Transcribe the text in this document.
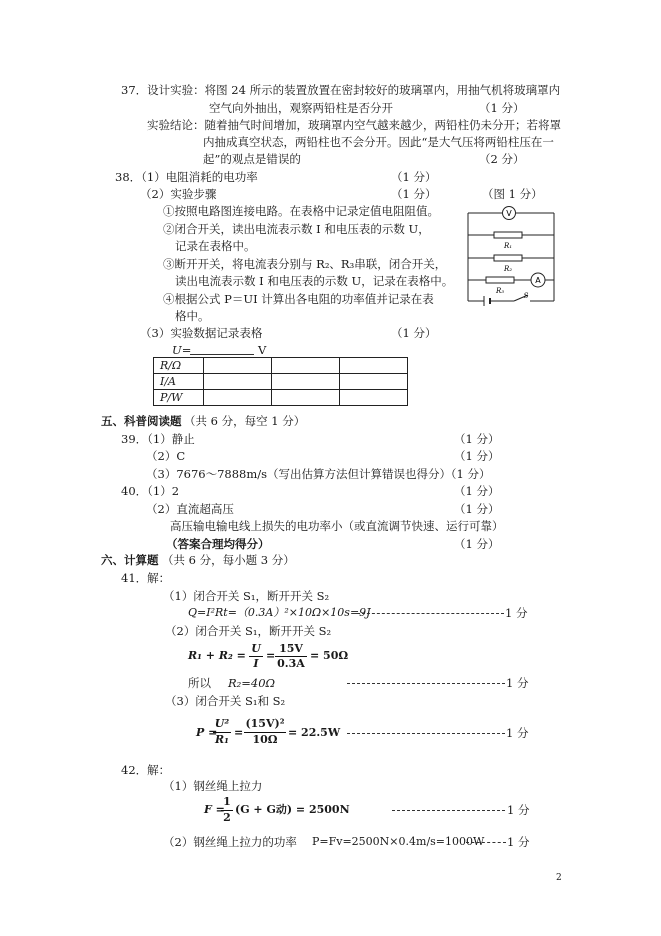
37．设计实验：将图 24 所示的装置放置在密封较好的玻璃罩内，用抽气机将玻璃罩内
空气向外抽出，观察两铅柱是否分开	（1 分）
实验结论：随着抽气时间增加，玻璃罩内空气越来越少，两铅柱仍未分开；若将罩
内抽成真空状态，两铅柱也不会分开。因此“是大气压将两铅柱压在一
起”的观点是错误的	（2 分）
38．（1）电阻消耗的电功率	（1 分）
（2）实验步骤	（1 分）	（图 1 分）
①按照电路图连接电路。在表格中记录定值电阻阻值。
②闭合开关，读出电流表示数 I 和电压表的示数 U，
记录在表格中。
③断开开关，将电流表分别与 R₂、R₃串联，闭合开关，
读出电流表示数 I 和电压表的示数 U，记录在表格中。
④根据公式 P＝UI 计算出各电阻的功率值并记录在表
格中。
（3）实验数据记录表格	（1 分）
V
A
R₁
R₂
R₃
S
U=	V
R/Ω			
I/A			
P/W			
五、科普阅读题 （共 6 分，每空 1 分）
39．（1）静止	（1 分）
（2）C	（1 分）
（3）7676～7888m/s（写出估算方法但计算错误也得分）
（1 分）
40．（1）2	（1 分）
（2）直流超高压	（1 分）
高压输电输电线上损失的电功率小（或直流调节快速、运行可靠）
（答案合理均得分）	（1 分）
六、计算题 （共 6 分，每小题 3 分）
41．解：
（1）闭合开关 S₁，断开开关 S₂
Q=I²Rt=（0.3A）²×10Ω×10s=9J	1 分
（2）闭合开关 S₁，断开开关 S₂
R₁ + R₂ =
U
I
=
15V
0.3A
= 50Ω
所以 R₂=40Ω	1 分
（3）闭合开关 S₁和 S₂
P =
U²
R₁
=
(15V)²
10Ω
= 22.5W	1 分
42．解：
（1）钢丝绳上拉力
F =
1
2
(G + G动) = 2500N	1 分
（2）钢丝绳上拉力的功率 P=Fv=2500N×0.4m/s=1000W 1 分
2
